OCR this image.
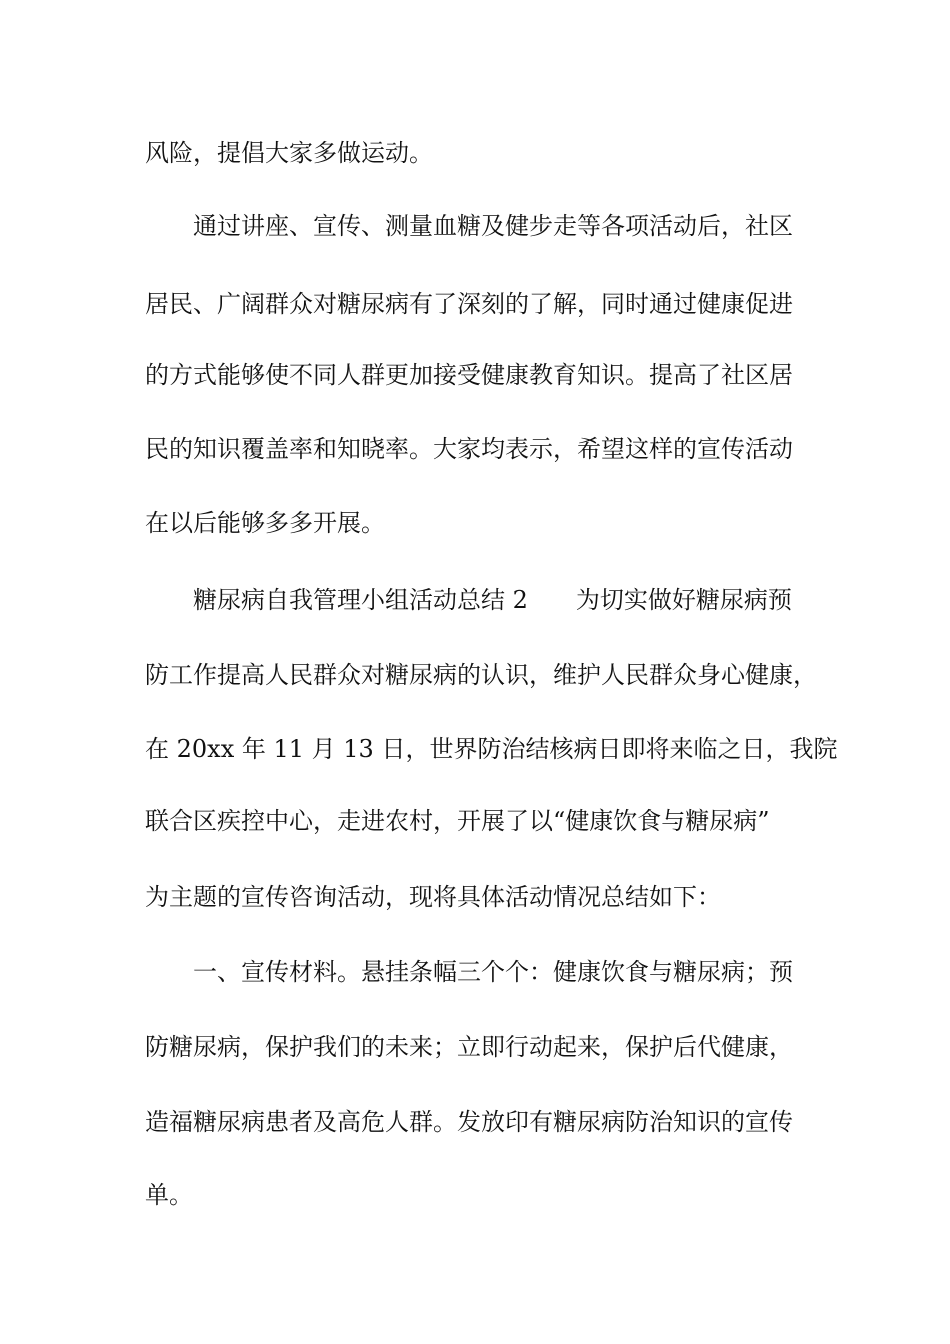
风险，提倡大家多做运动。
通过讲座、宣传、测量血糖及健步走等各项活动后，社区
居民、广阔群众对糖尿病有了深刻的了解，同时通过健康促进
的方式能够使不同人群更加接受健康教育知识。提高了社区居
民的知识覆盖率和知晓率。大家均表示，希望这样的宣传活动
在以后能够多多开展。
糖尿病自我管理小组活动总结 2　　为切实做好糖尿病预
防工作提高人民群众对糖尿病的认识，维护人民群众身心健康，
在 20xx 年 11 月 13 日，世界防治结核病日即将来临之日，我院
联合区疾控中心，走进农村，开展了以“健康饮食与糖尿病”
为主题的宣传咨询活动，现将具体活动情况总结如下：
一、宣传材料。悬挂条幅三个个：健康饮食与糖尿病；预
防糖尿病，保护我们的未来；立即行动起来，保护后代健康，
造福糖尿病患者及高危人群。发放印有糖尿病防治知识的宣传
单。
